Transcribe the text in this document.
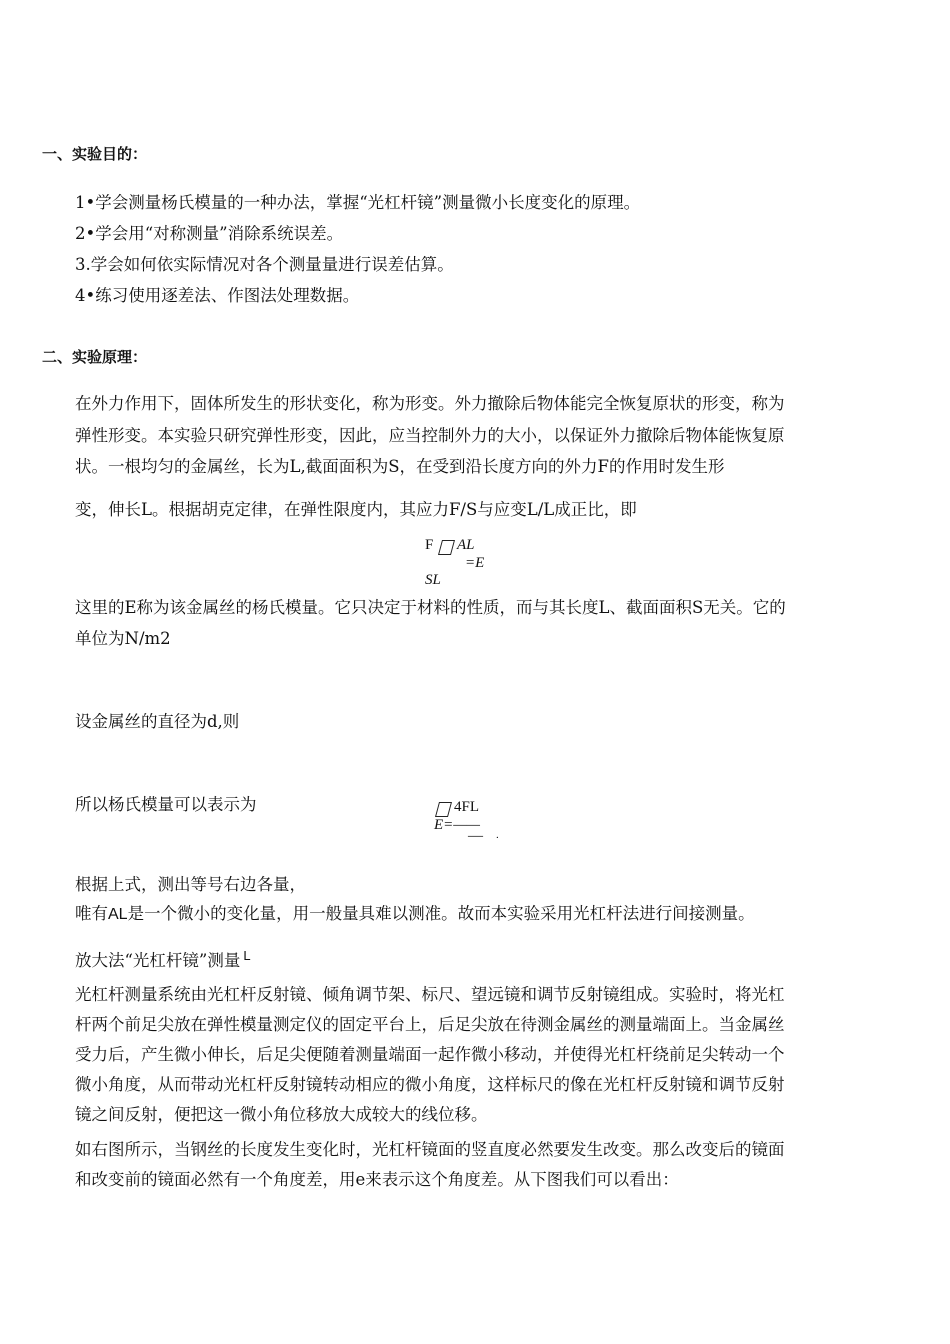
一、实验目的：
1•学会测量杨氏模量的一种办法，掌握“光杠杆镜”测量微小长度变化的原理。
2•学会用“对称测量”消除系统误差。
3.学会如何依实际情况对各个测量量进行误差估算。
4•练习使用逐差法、作图法处理数据。
二、实验原理：
在外力作用下，固体所发生的形状变化，称为形变。外力撤除后物体能完全恢复原状的形变，称为
弹性形变。本实验只研究弹性形变，因此，应当控制外力的大小，以保证外力撤除后物体能恢复原
状。一根均匀的金属丝，长为L,截面面积为S，在受到沿长度方向的外力F的作用时发生形
变，伸长L。根据胡克定律，在弹性限度内，其应力F/S与应变L/L成正比，即
F AL
=E
SL
这里的E称为该金属丝的杨氏模量。它只决定于材料的性质，而与其长度L、截面面积S无关。它的
单位为N/m2
设金属丝的直径为d,则
所以杨氏模量可以表示为	4FL
E=——
— .
根据上式，测出等号右边各量，
唯有AL是一个微小的变化量，用一般量具难以测准。故而本实验采用光杠杆法进行间接测量。
放大法“光杠杆镜”测量 $^L$
光杠杆测量系统由光杠杆反射镜、倾角调节架、标尺、望远镜和调节反射镜组成。实验时，将光杠
杆两个前足尖放在弹性模量测定仪的固定平台上，后足尖放在待测金属丝的测量端面上。当金属丝
受力后，产生微小伸长，后足尖便随着测量端面一起作微小移动，并使得光杠杆绕前足尖转动一个
微小角度，从而带动光杠杆反射镜转动相应的微小角度，这样标尺的像在光杠杆反射镜和调节反射
镜之间反射，便把这一微小角位移放大成较大的线位移。
如右图所示，当钢丝的长度发生变化时，光杠杆镜面的竖直度必然要发生改变。那么改变后的镜面
和改变前的镜面必然有一个角度差，用e来表示这个角度差。从下图我们可以看出：
